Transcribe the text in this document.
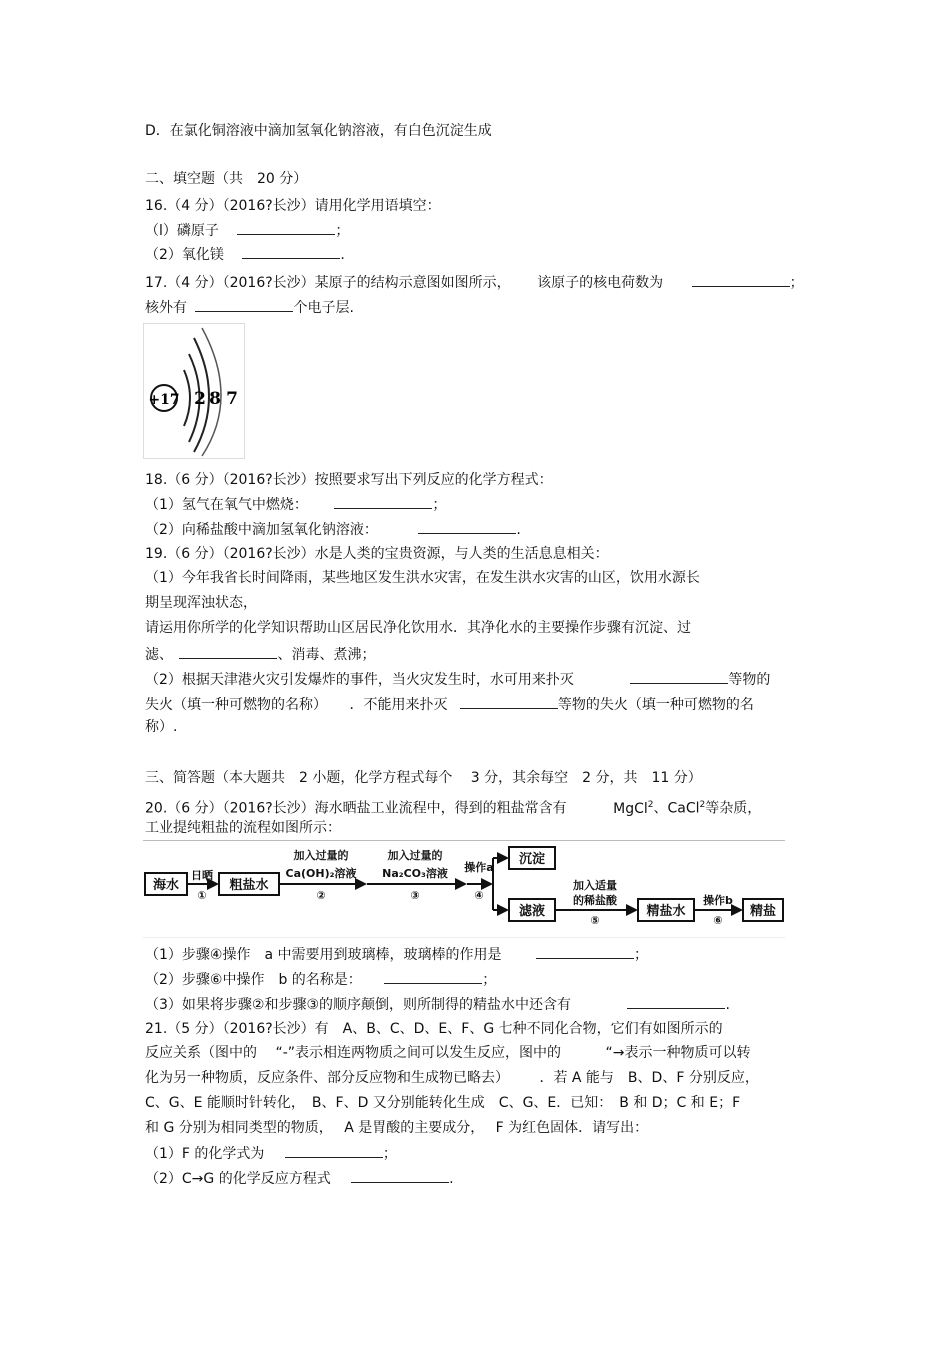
D．在氯化铜溶液中滴加氢氧化钠溶液，有白色沉淀生成
二、填空题（共　20 分）
16.（4 分）（2016?长沙）请用化学用语填空：
（l）磷原子	；
（2）氧化镁	.
17.（4 分）（2016?长沙）某原子的结构示意图如图所示， 该原子的核电荷数为	；
核外有	个电子层.
+17 2 8 7
18.（6 分）（2016?长沙）按照要求写出下列反应的化学方程式：
（1）氢气在氧气中燃烧：	；
（2）向稀盐酸中滴加氢氧化钠溶液：	.
19.（6 分）（2016?长沙）水是人类的宝贵资源，与人类的生活息息相关：
（1）今年我省长时间降雨，某些地区发生洪水灾害，在发生洪水灾害的山区，饮用水源长
期呈现浑浊状态，
请运用你所学的化学知识帮助山区居民净化饮用水．其净化水的主要操作步骤有沉淀、过
滤、	、消毒、煮沸；
（2）根据天津港火灾引发爆炸的事件，当火灾发生时，水可用来扑灭	等物的
失火（填一种可燃物的名称） ．不能用来扑灭	等物的失火（填一种可燃物的名
称）.
三、简答题（本大题共　2 小题，化学方程式每个　 3 分，其余每空　2 分，共　11 分）
20.（6 分）（2016?长沙）海水晒盐工业流程中，得到的粗盐常含有	MgCl$^2$、CaCl$^2$等杂质，
工业提纯粗盐的流程如图所示：
海水
日晒
①
粗盐水
加入过量的
Ca(OH)₂溶液
②
加入过量的
Na₂CO₃溶液
③
操作a
④
沉淀
滤液
加入适量
的稀盐酸
⑤
精盐水
操作b
⑥
精盐
（1）步骤④操作　a 中需要用到玻璃棒，玻璃棒的作用是	；
（2）步骤⑥中操作　b 的名称是：	；
（3）如果将步骤②和步骤③的顺序颠倒，则所制得的精盐水中还含有	.
21.（5 分）（2016?长沙）有　A、B、C、D、E、F、G 七种不同化合物，它们有如图所示的
反应关系（图中的　 “-”表示相连两物质之间可以发生反应，图中的	“→表示一种物质可以转
化为另一种物质，反应条件、部分反应物和生成物已略去） ．若 A 能与　B、D、F 分别反应，
C、G、E 能顺时针转化，　B、F、D 又分别能转化生成　C、G、E．已知：　B 和 D；C 和 E；F
和 G 分别为相同类型的物质，　 A 是胃酸的主要成分，　 F 为红色固体．请写出：
（1）F 的化学式为	；
（2）C→G 的化学反应方程式	.
